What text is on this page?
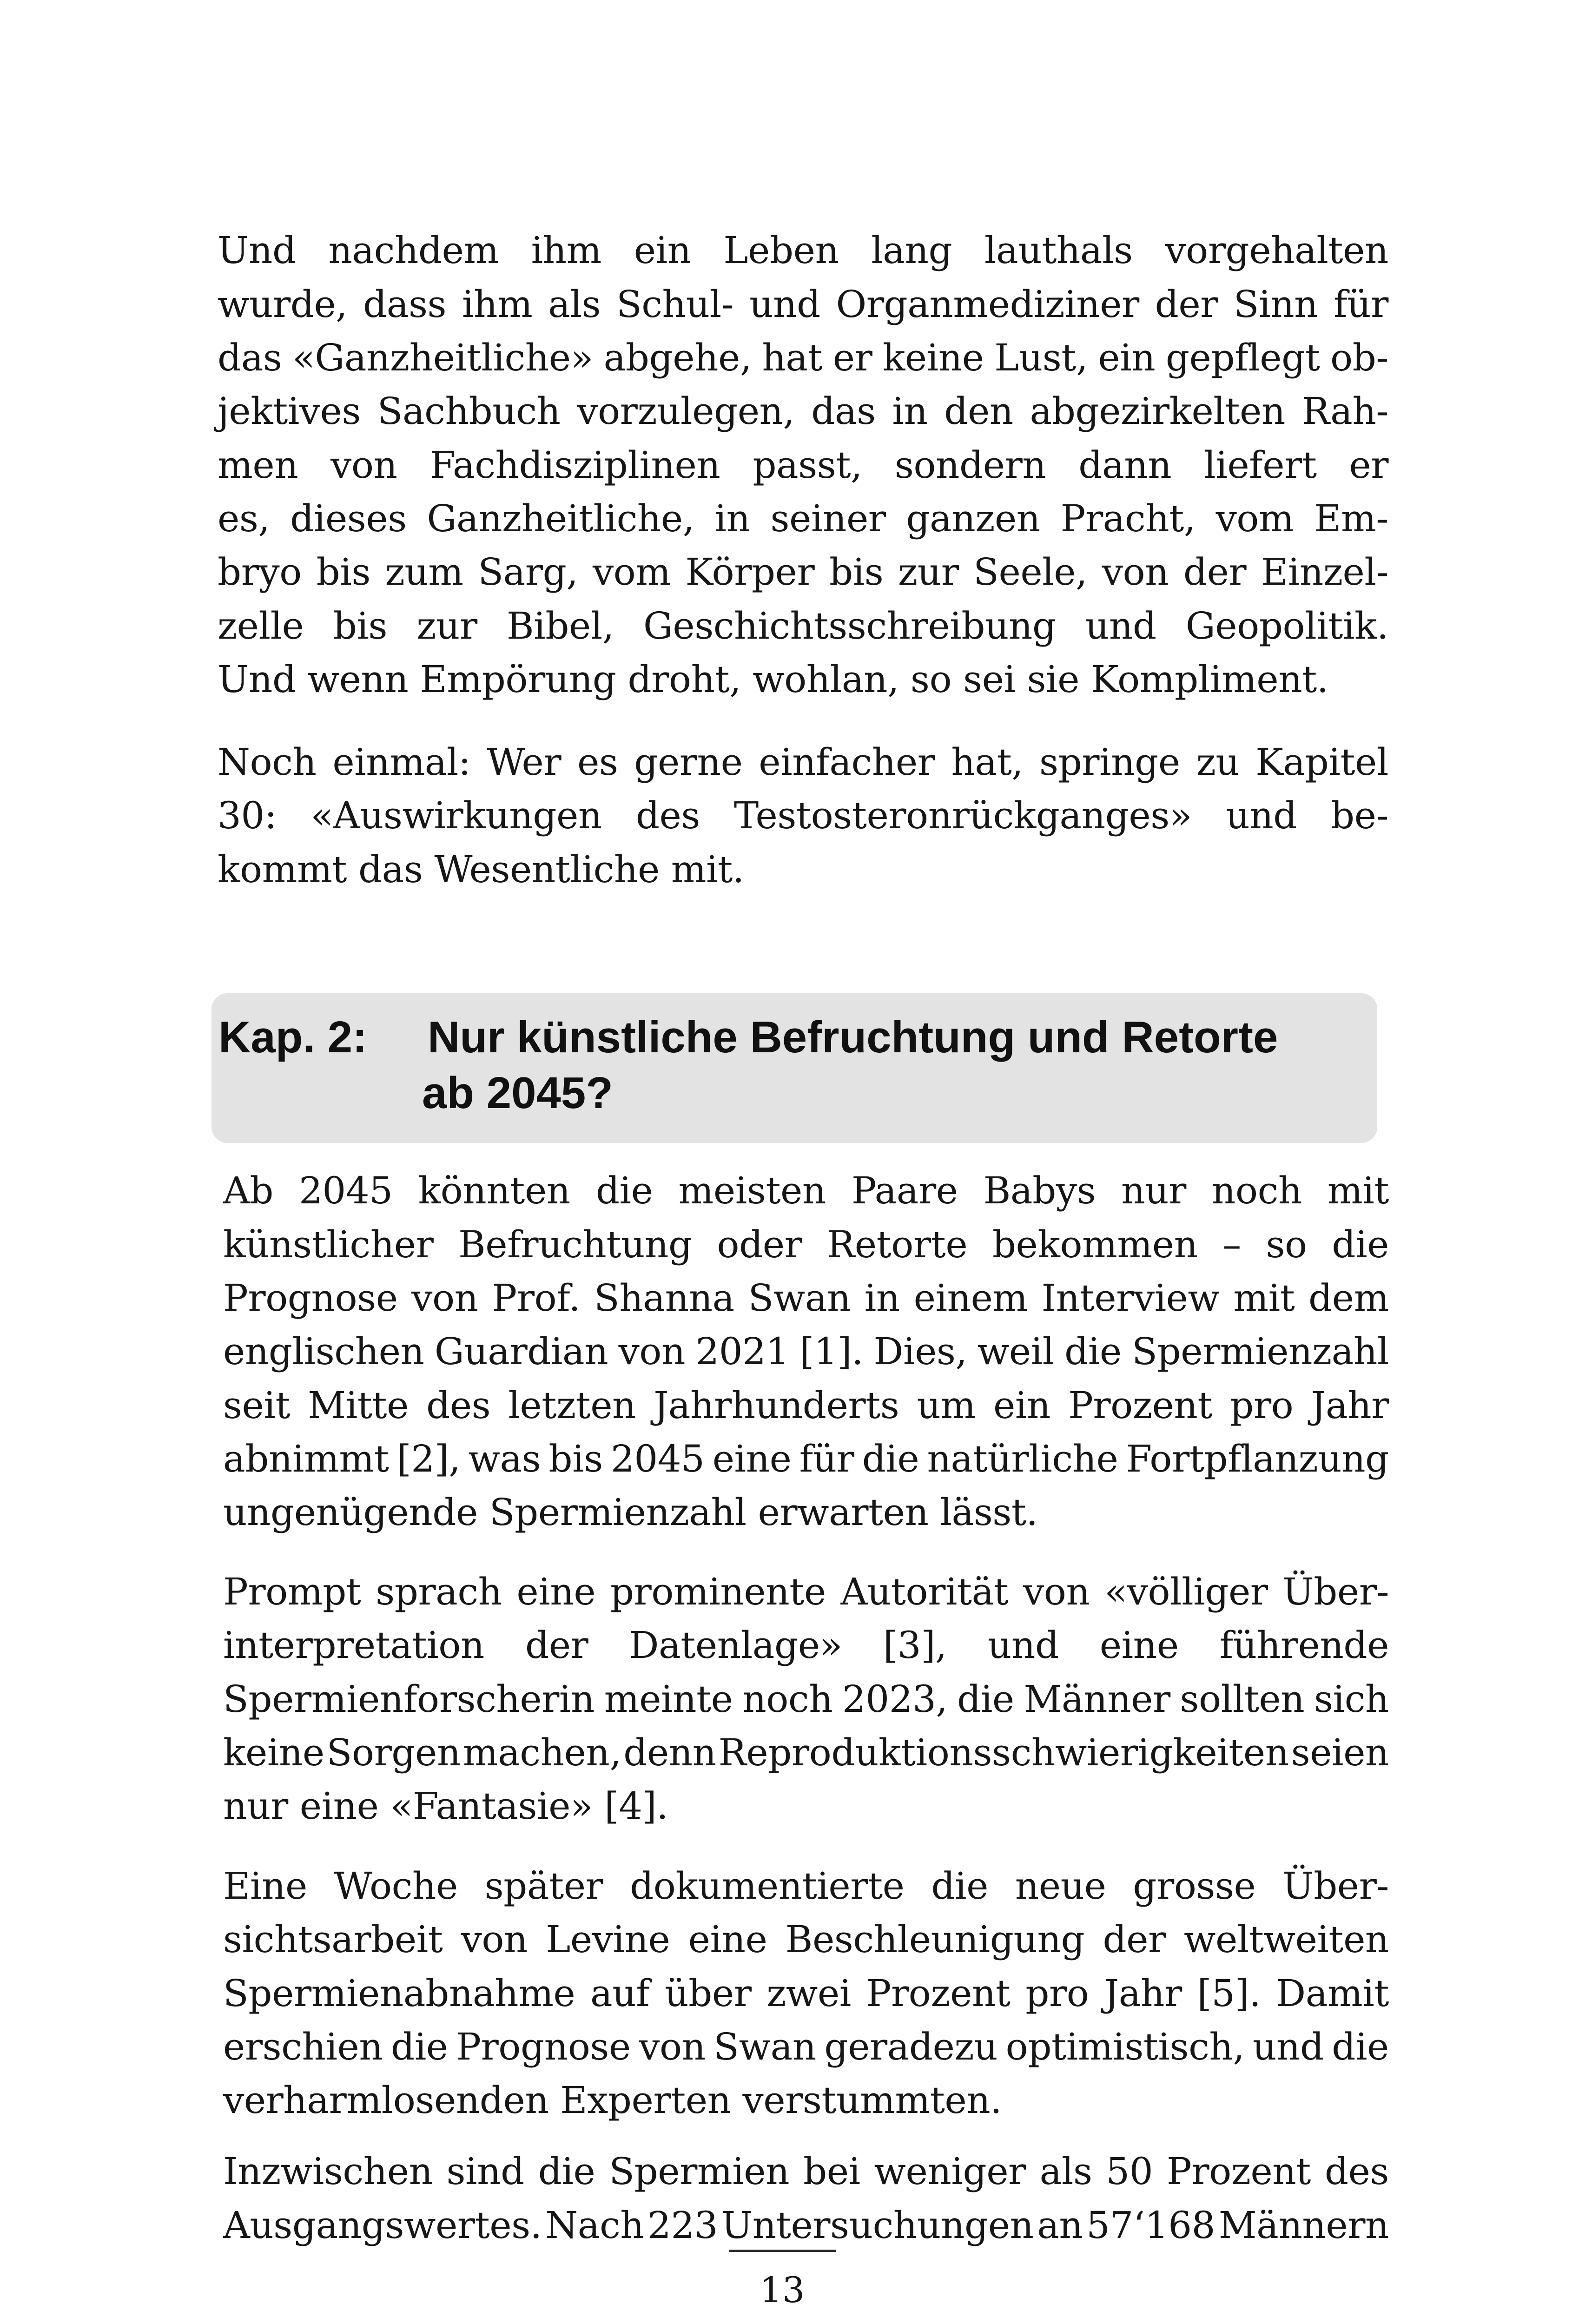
Und nachdem ihm ein Leben lang lauthals vorgehalten

wurde, dass ihm als Schul- und Organmediziner der Sinn für

das «Ganzheitliche» abgehe, hat er keine Lust, ein gepflegt ob-

jektives Sachbuch vorzulegen, das in den abgezirkelten Rah-

men von Fachdisziplinen passt, sondern dann liefert er

es, dieses Ganzheitliche, in seiner ganzen Pracht, vom Em-

bryo bis zum Sarg, vom Körper bis zur Seele, von der Einzel-

zelle bis zur Bibel, Geschichtsschreibung und Geopolitik.

Und wenn Empörung droht, wohlan, so sei sie Kompliment.

Noch einmal: Wer es gerne einfacher hat, springe zu Kapitel

30: «Auswirkungen des Testosteronrückganges» und be-

kommt das Wesentliche mit.

Kap. 2: Nur künstliche Befruchtung und Retorte

ab 2045?

Ab 2045 könnten die meisten Paare Babys nur noch mit

künstlicher Befruchtung oder Retorte bekommen – so die

Prognose von Prof. Shanna Swan in einem Interview mit dem

englischen Guardian von 2021 [1]. Dies, weil die Spermienzahl

seit Mitte des letzten Jahrhunderts um ein Prozent pro Jahr

abnimmt [2], was bis 2045 eine für die natürliche Fortpflanzung

ungenügende Spermienzahl erwarten lässt.

Prompt sprach eine prominente Autorität von «völliger Über-

interpretation der Datenlage» [3], und eine führende

Spermienforscherin meinte noch 2023, die Männer sollten sich

keine Sorgen machen, denn Reproduktionsschwierigkeiten seien

nur eine «Fantasie» [4].

Eine Woche später dokumentierte die neue grosse Über-

sichtsarbeit von Levine eine Beschleunigung der weltweiten

Spermienabnahme auf über zwei Prozent pro Jahr [5]. Damit

erschien die Prognose von Swan geradezu optimistisch, und die

verharmlosenden Experten verstummten.

Inzwischen sind die Spermien bei weniger als 50 Prozent des

Ausgangswertes. Nach 223 Untersuchungen an 57‘168 Männern

13
